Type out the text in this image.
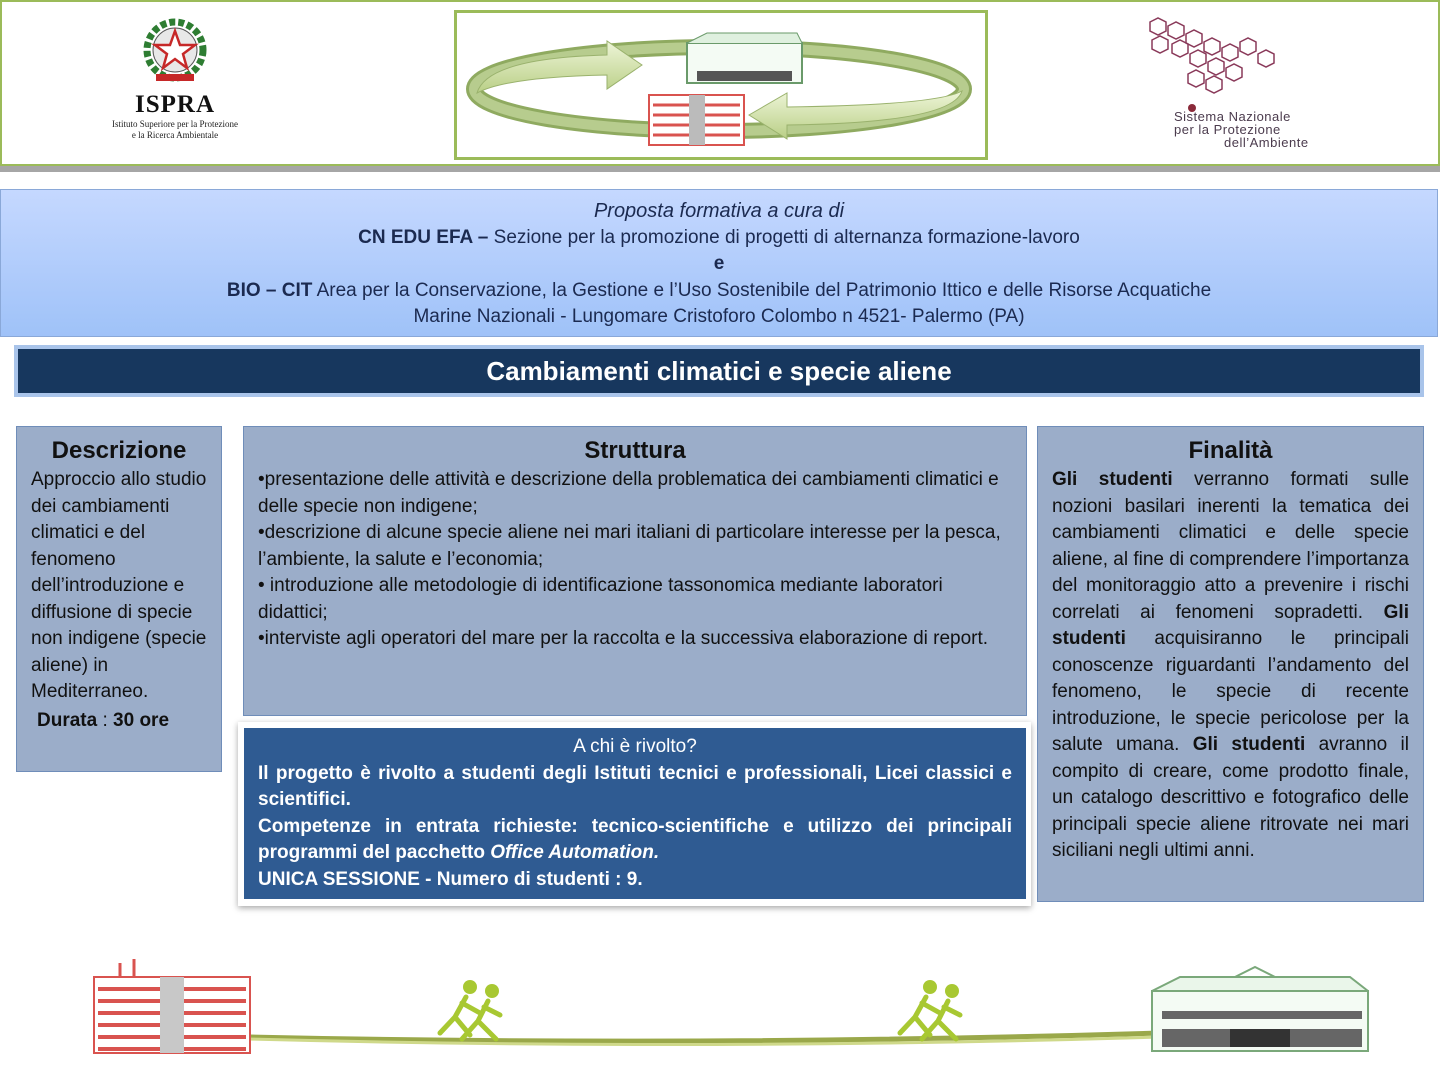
ISPRA
Istituto Superiore per la Protezione
e la Ricerca Ambientale
Sistema Nazionale
per la Protezione
dell’Ambiente
Proposta formativa a cura di
CN EDU EFA – Sezione per la promozione di progetti di alternanza formazione-lavoro
e
BIO – CIT Area per la Conservazione, la Gestione e l’Uso Sostenibile del Patrimonio Ittico e delle Risorse Acquatiche
Marine Nazionali - Lungomare Cristoforo Colombo n 4521- Palermo (PA)
Cambiamenti climatici e specie aliene
Descrizione

Approccio allo studio dei cambiamenti climatici e del fenomeno dell’introduzione e diffusione di specie non indigene (specie aliene) in Mediterraneo.

Durata : 30 ore
Struttura

•presentazione delle attività e descrizione della problematica dei cambiamenti climatici e delle specie non indigene;

•descrizione di alcune specie aliene nei mari italiani di particolare interesse per la pesca, l’ambiente, la salute e l’economia;

• introduzione alle metodologie di identificazione tassonomica mediante laboratori didattici;

•interviste agli operatori del mare per la raccolta e la successiva elaborazione di report.

A chi è rivolto?

Il progetto è rivolto a studenti degli Istituti tecnici e professionali, Licei classici e scientifici.

Competenze in entrata richieste: tecnico-scientifiche e utilizzo dei principali programmi del pacchetto Office Automation.

UNICA SESSIONE - Numero di studenti : 9.

Finalità

Gli studenti verranno formati sulle nozioni basilari inerenti la tematica dei cambiamenti climatici e delle specie aliene, al fine di comprendere l’importanza del monitoraggio atto a prevenire i rischi correlati ai fenomeni sopradetti. Gli studenti acquisiranno le principali conoscenze riguardanti l’andamento del fenomeno, le specie di recente introduzione, le specie pericolose per la salute umana. Gli studenti avranno il compito di creare, come prodotto finale, un catalogo descrittivo e fotografico delle principali specie aliene ritrovate nei mari siciliani negli ultimi anni.
